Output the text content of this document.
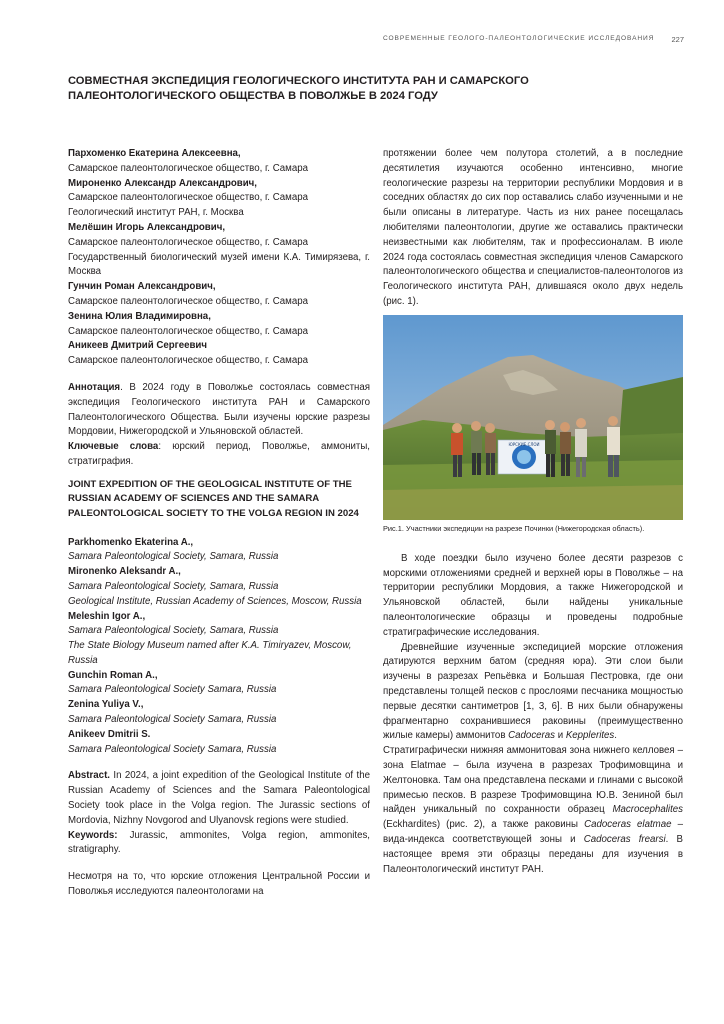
СОВРЕМЕННЫЕ ГЕОЛОГО-ПАЛЕОНТОЛОГИЧЕСКИЕ ИССЛЕДОВАНИЯ 227
СОВМЕСТНАЯ ЭКСПЕДИЦИЯ ГЕОЛОГИЧЕСКОГО ИНСТИТУТА РАН И САМАРСКОГО ПАЛЕОНТОЛОГИЧЕСКОГО ОБЩЕСТВА В ПОВОЛЖЬЕ В 2024 ГОДУ
Пархоменко Екатерина Алексеевна,
Самарское палеонтологическое общество, г. Самара
Мироненко Александр Александрович,
Самарское палеонтологическое общество, г. Самара
Геологический институт РАН, г. Москва
Мелёшин Игорь Александрович,
Самарское палеонтологическое общество, г. Самара
Государственный биологический музей имени К.А. Тимирязева, г. Москва
Гунчин Роман Александрович,
Самарское палеонтологическое общество, г. Самара
Зенина Юлия Владимировна,
Самарское палеонтологическое общество, г. Самара
Аникеев Дмитрий Сергеевич
Самарское палеонтологическое общество, г. Самара
Аннотация. В 2024 году в Поволжье состоялась совместная экспедиция Геологического института РАН и Самарского Палеонтологического Общества. Были изучены юрские разрезы Мордовии, Нижегородской и Ульяновской областей.
Ключевые слова: юрский период, Поволжье, аммониты, стратиграфия.
JOINT EXPEDITION OF THE GEOLOGICAL INSTITUTE OF THE RUSSIAN ACADEMY OF SCIENCES AND THE SAMARA PALEONTOLOGICAL SOCIETY TO THE VOLGA REGION IN 2024
Parkhomenko Ekaterina A.,
Samara Paleontological Society, Samara, Russia
Mironenko Aleksandr A.,
Samara Paleontological Society, Samara, Russia
Geological Institute, Russian Academy of Sciences, Moscow, Russia
Meleshin Igor A.,
Samara Paleontological Society, Samara, Russia
The State Biology Museum named after K.A. Timiryazev, Moscow, Russia
Gunchin Roman A.,
Samara Paleontological Society Samara, Russia
Zenina Yuliya V.,
Samara Paleontological Society Samara, Russia
Anikeev Dmitrii S.
Samara Paleontological Society Samara, Russia
Abstract. In 2024, a joint expedition of the Geological Institute of the Russian Academy of Sciences and the Samara Paleontological Society took place in the Volga region. The Jurassic sections of Mordovia, Nizhny Novgorod and Ulyanovsk regions were studied.
Keywords: Jurassic, ammonites, Volga region, ammonites, stratigraphy.
Несмотря на то, что юрские отложения Центральной России и Поволжья исследуются палеонтологами на
протяжении более чем полутора столетий, а в последние десятилетия изучаются особенно интенсивно, многие геологические разрезы на территории республики Мордовия и в соседних областях до сих пор оставались слабо изученными и не были описаны в литературе. Часть из них ранее посещалась любителями палеонтологии, другие же оставались практически неизвестными как любителям, так и профессионалам. В июле 2024 года состоялась совместная экспедиция членов Самарского палеонтологического общества и специалистов-палеонтологов из Геологического института РАН, длившаяся около двух недель (рис. 1).
ЮРСКИЕ СЛОИ
Рис.1. Участники экспедиции на разрезе Починки (Нижегородская область).
В ходе поездки было изучено более десяти разрезов с морскими отложениями средней и верхней юры в Поволжье – на территории республики Мордовия, а также Нижегородской и Ульяновской областей, были найдены уникальные палеонтологические образцы и проведены подробные стратиграфические исследования.
Древнейшие изученные экспедицией морские отложения датируются верхним батом (средняя юра). Эти слои были изучены в разрезах Репьёвка и Большая Пестровка, где они представлены толщей песков с прослоями песчаника мощностью первые десятки сантиметров [1, 3, 6]. В них были обнаружены фрагментарно сохранившиеся раковины (преимущественно жилые камеры) аммонитов Cadoceras и Kepplerites.
Стратиграфически нижняя аммонитовая зона нижнего келловея – зона Elatmae – была изучена в разрезах Трофимовщина и Желтоновка. Там она представлена песками и глинами с высокой примесью песков. В разрезе Трофимовщина Ю.В. Зениной был найден уникальный по сохранности образец Macrocephalites (Eckhardites) (рис. 2), а также раковины Cadoceras elatmae – вида-индекса соответствующей зоны и Cadoceras frearsi. В настоящее время эти образцы переданы для изучения в Палеонтологический институт РАН.
